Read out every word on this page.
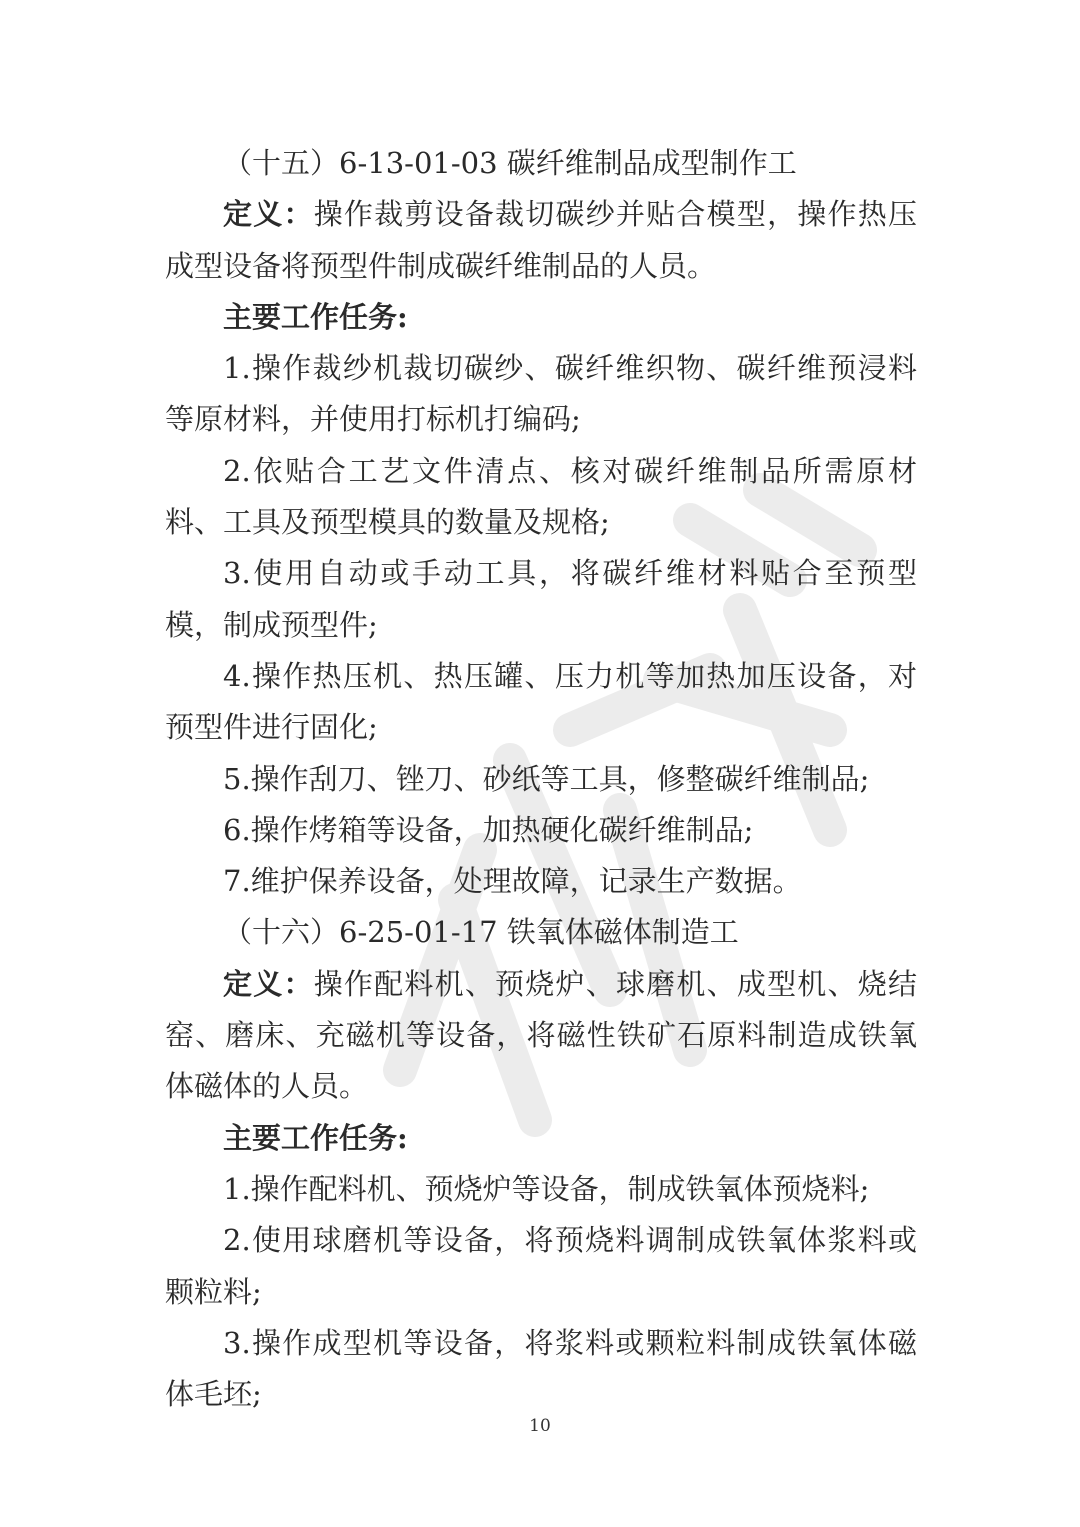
（十五）6-13-01-03 碳纤维制品成型制作工
定义：操作裁剪设备裁切碳纱并贴合模型，操作热压
成型设备将预型件制成碳纤维制品的人员。
主要工作任务:
1.操作裁纱机裁切碳纱、碳纤维织物、碳纤维预浸料
等原材料，并使用打标机打编码;
2.依贴合工艺文件清点、核对碳纤维制品所需原材
料、工具及预型模具的数量及规格;
3.使用自动或手动工具，将碳纤维材料贴合至预型
模，制成预型件;
4.操作热压机、热压罐、压力机等加热加压设备，对
预型件进行固化;
5.操作刮刀、锉刀、砂纸等工具，修整碳纤维制品;
6.操作烤箱等设备，加热硬化碳纤维制品;
7.维护保养设备，处理故障，记录生产数据。
（十六）6-25-01-17 铁氧体磁体制造工
定义：操作配料机、预烧炉、球磨机、成型机、烧结
窑、磨床、充磁机等设备，将磁性铁矿石原料制造成铁氧
体磁体的人员。
主要工作任务:
1.操作配料机、预烧炉等设备，制成铁氧体预烧料;
2.使用球磨机等设备，将预烧料调制成铁氧体浆料或
颗粒料;
3.操作成型机等设备，将浆料或颗粒料制成铁氧体磁
体毛坯;
10
